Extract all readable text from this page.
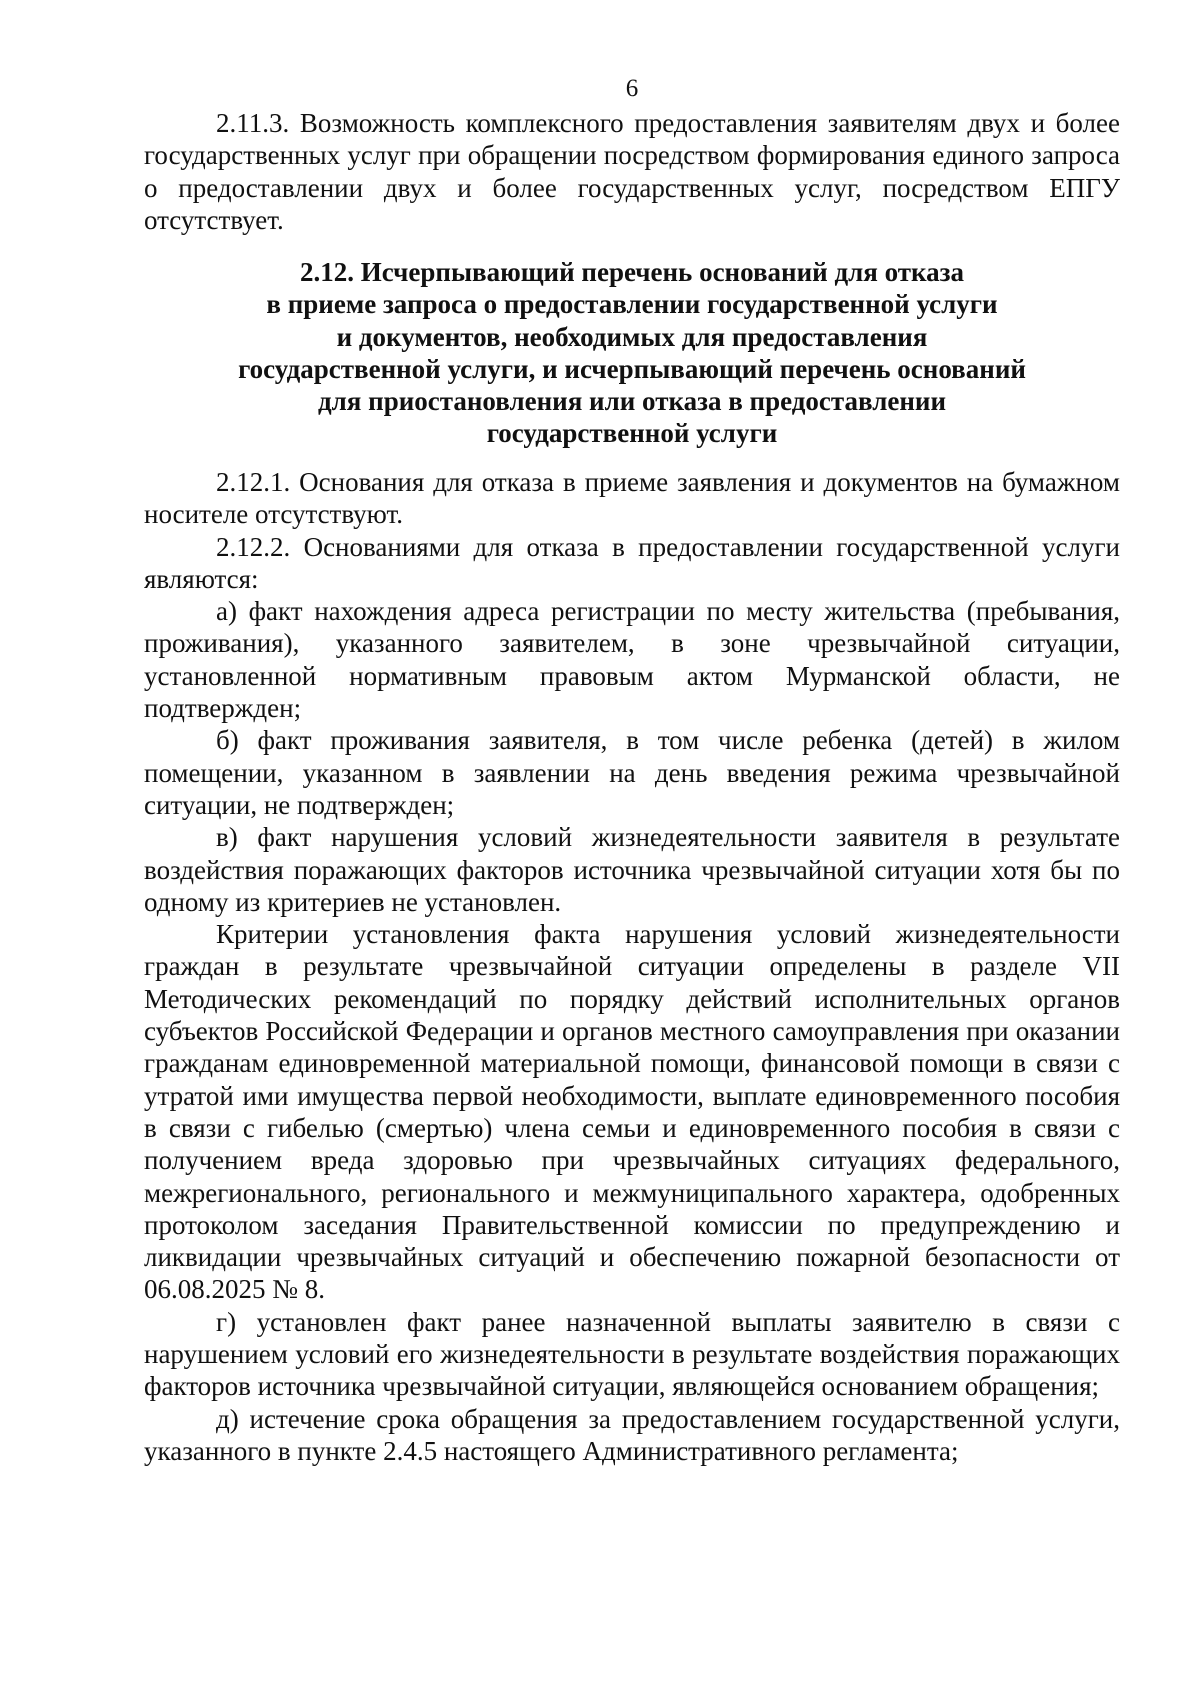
6

2.11.3. Возможность комплексного предоставления заявителям двух и более государственных услуг при обращении посредством формирования единого запроса о предоставлении двух и более государственных услуг, посредством ЕПГУ отсутствует.

2.12. Исчерпывающий перечень оснований для отказа
в приеме запроса о предоставлении государственной услуги
и документов, необходимых для предоставления
государственной услуги, и исчерпывающий перечень оснований
для приостановления или отказа в предоставлении
государственной услуги

2.12.1. Основания для отказа в приеме заявления и документов на бумажном носителе отсутствуют.

2.12.2. Основаниями для отказа в предоставлении государственной услуги являются:

а) факт нахождения адреса регистрации по месту жительства (пребывания, проживания), указанного заявителем, в зоне чрезвычайной ситуации, установленной нормативным правовым актом Мурманской области, не подтвержден;

б) факт проживания заявителя, в том числе ребенка (детей) в жилом помещении, указанном в заявлении на день введения режима чрезвычайной ситуации, не подтвержден;

в) факт нарушения условий жизнедеятельности заявителя в результате воздействия поражающих факторов источника чрезвычайной ситуации хотя бы по одному из критериев не установлен.

Критерии установления факта нарушения условий жизнедеятельности граждан в результате чрезвычайной ситуации определены в разделе VII Методических рекомендаций по порядку действий исполнительных органов субъектов Российской Федерации и органов местного самоуправления при оказании гражданам единовременной материальной помощи, финансовой помощи в связи с утратой ими имущества первой необходимости, выплате единовременного пособия в связи с гибелью (смертью) члена семьи и единовременного пособия в связи с получением вреда здоровью при чрезвычайных ситуациях федерального, межрегионального, регионального и межмуниципального характера, одобренных протоколом заседания Правительственной комиссии по предупреждению и ликвидации чрезвычайных ситуаций и обеспечению пожарной безопасности от 06.08.2025 № 8.

г) установлен факт ранее назначенной выплаты заявителю в связи с нарушением условий его жизнедеятельности в результате воздействия поражающих факторов источника чрезвычайной ситуации, являющейся основанием обращения;

д) истечение срока обращения за предоставлением государственной услуги, указанного в пункте 2.4.5 настоящего Административного регламента;
